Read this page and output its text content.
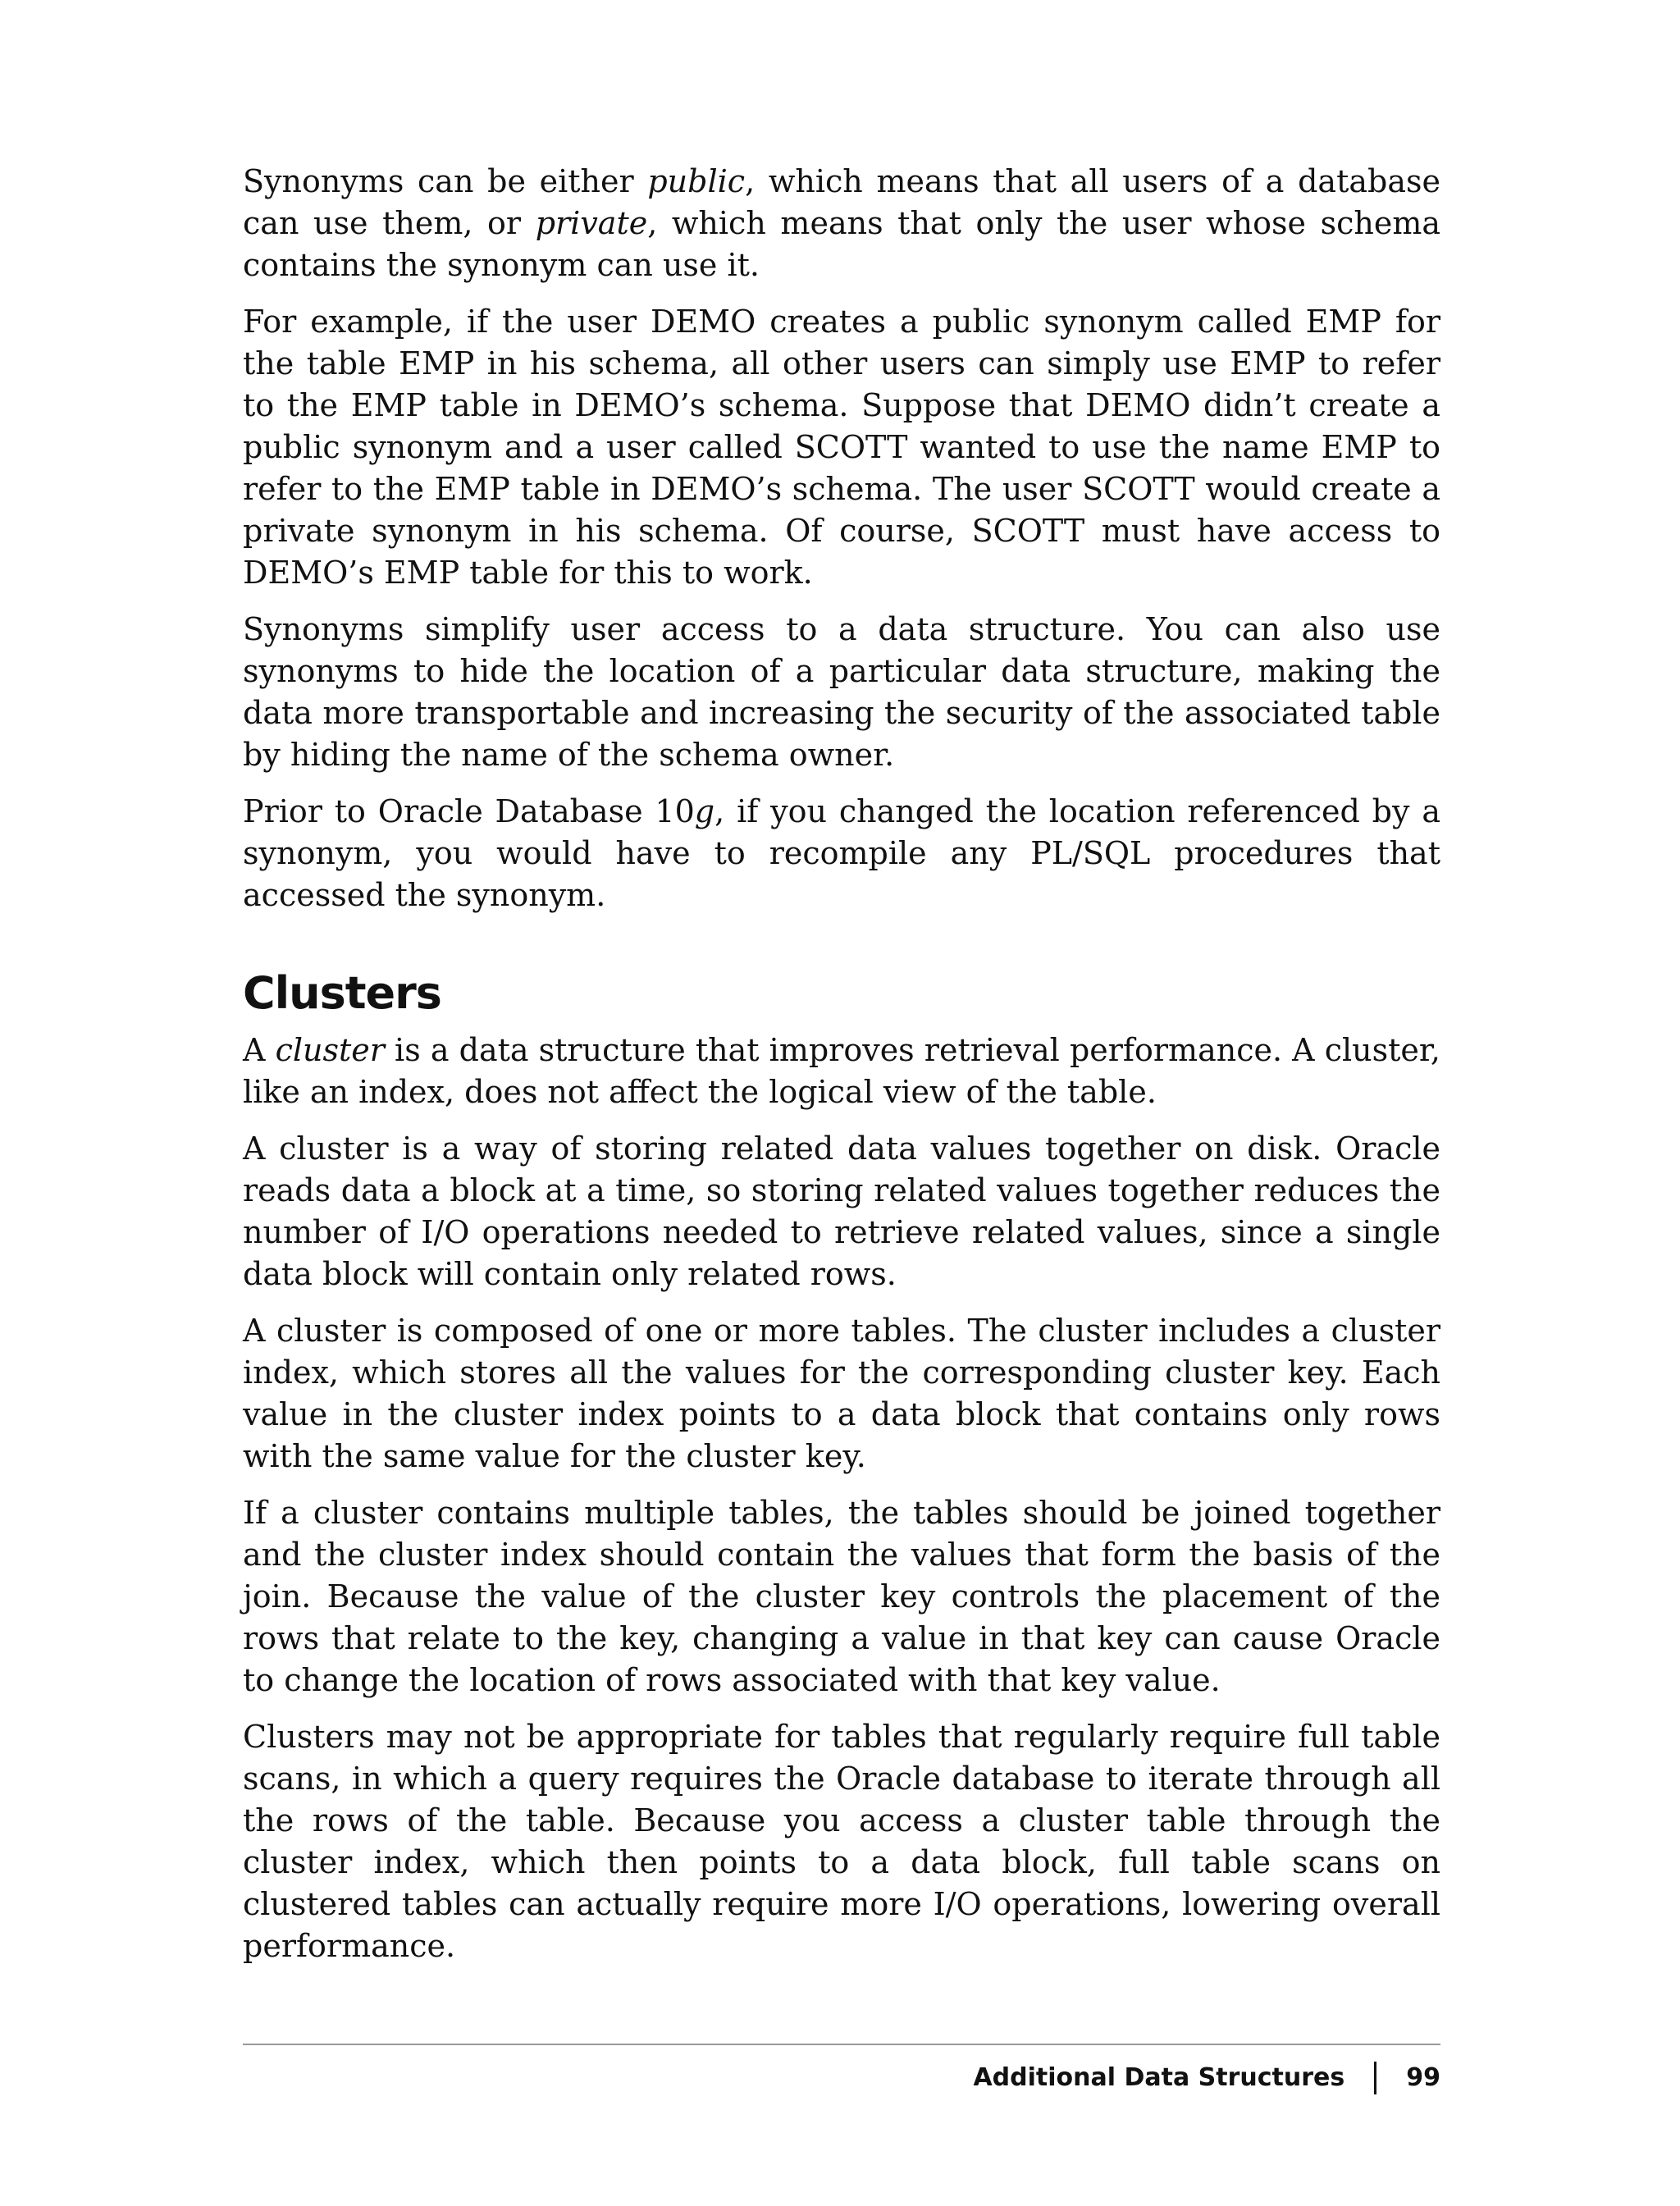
Synonyms can be either public, which means that all users of a database can use them, or private, which means that only the user whose schema contains the synonym can use it.

For example, if the user DEMO creates a public synonym called EMP for the table EMP in his schema, all other users can simply use EMP to refer to the EMP table in DEMO’s schema. Suppose that DEMO didn’t create a public synonym and a user called SCOTT wanted to use the name EMP to refer to the EMP table in DEMO’s schema. The user SCOTT would create a private synonym in his schema. Of course, SCOTT must have access to DEMO’s EMP table for this to work.

Synonyms simplify user access to a data structure. You can also use synonyms to hide the location of a particular data structure, making the data more transportable and increasing the security of the associated table by hiding the name of the schema owner.

Prior to Oracle Database 10g, if you changed the location referenced by a synonym, you would have to recompile any PL/SQL procedures that accessed the synonym.

Clusters

A cluster is a data structure that improves retrieval performance. A cluster, like an index, does not affect the logical view of the table.

A cluster is a way of storing related data values together on disk. Oracle reads data a block at a time, so storing related values together reduces the number of I/O operations needed to retrieve related values, since a single data block will contain only related rows.

A cluster is composed of one or more tables. The cluster includes a cluster index, which stores all the values for the corresponding cluster key. Each value in the cluster index points to a data block that contains only rows with the same value for the cluster key.

If a cluster contains multiple tables, the tables should be joined together and the cluster index should contain the values that form the basis of the join. Because the value of the cluster key controls the placement of the rows that relate to the key, changing a value in that key can cause Oracle to change the location of rows associated with that key value.

Clusters may not be appropriate for tables that regularly require full table scans, in which a query requires the Oracle database to iterate through all the rows of the table. Because you access a cluster table through the cluster index, which then points to a data block, full table scans on clustered tables can actually require more I/O operations, lowering overall performance.

Additional Data Structures	99
